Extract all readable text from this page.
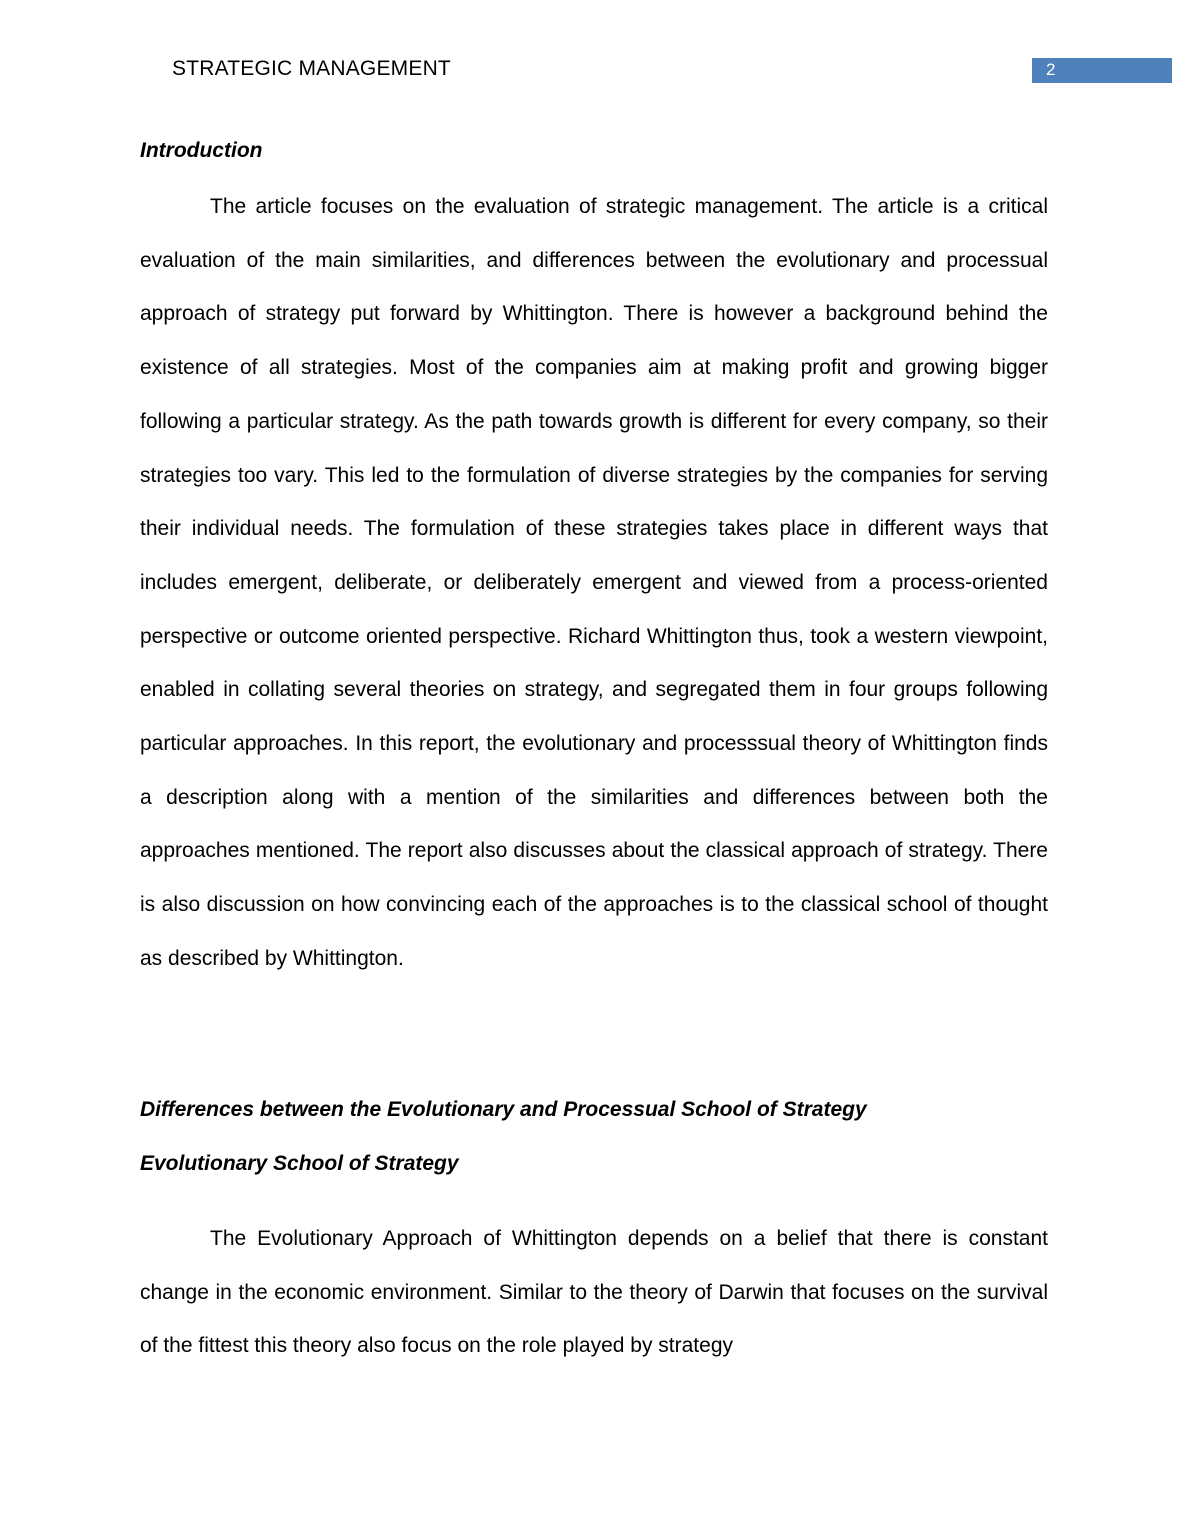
STRATEGIC MANAGEMENT	2
Introduction

The article focuses on the evaluation of strategic management. The article is a critical evaluation of the main similarities, and differences between the evolutionary and processual approach of strategy put forward by Whittington. There is however a background behind the existence of all strategies. Most of the companies aim at making profit and growing bigger following a particular strategy. As the path towards growth is different for every company, so their strategies too vary. This led to the formulation of diverse strategies by the companies for serving their individual needs. The formulation of these strategies takes place in different ways that includes emergent, deliberate, or deliberately emergent and viewed from a process-oriented perspective or outcome oriented perspective. Richard Whittington thus, took a western viewpoint, enabled in collating several theories on strategy, and segregated them in four groups following particular approaches. In this report, the evolutionary and processsual theory of Whittington finds a description along with a mention of the similarities and differences between both the approaches mentioned. The report also discusses about the classical approach of strategy. There is also discussion on how convincing each of the approaches is to the classical school of thought as described by Whittington.

Differences between the Evolutionary and Processual School of Strategy
Evolutionary School of Strategy

The Evolutionary Approach of Whittington depends on a belief that there is constant change in the economic environment. Similar to the theory of Darwin that focuses on the survival of the fittest this theory also focus on the role played by strategy
